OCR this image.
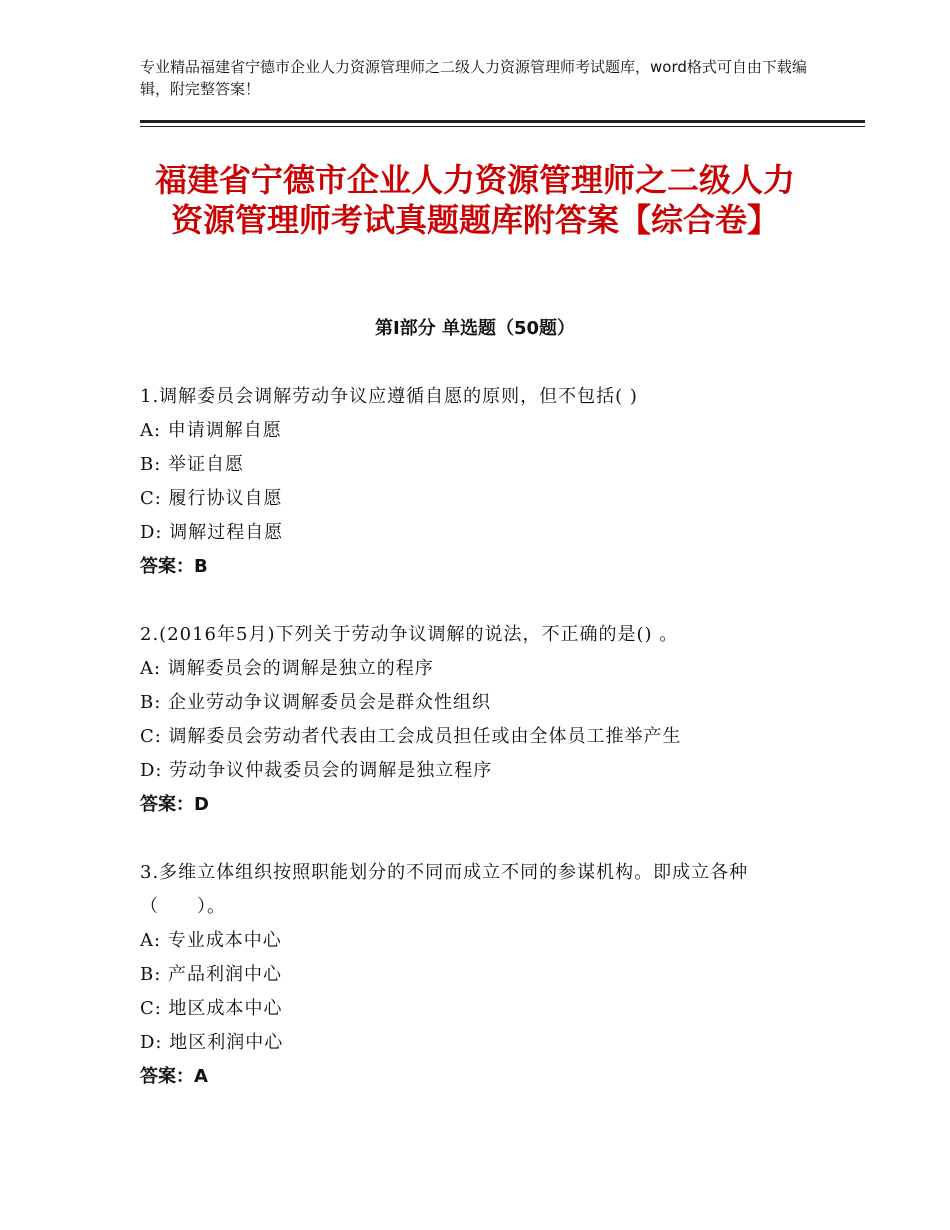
专业精品福建省宁德市企业人力资源管理师之二级人力资源管理师考试题库，word格式可自由下载编辑，附完整答案！
福建省宁德市企业人力资源管理师之二级人力资源管理师考试真题题库附答案【综合卷】
第Ⅰ部分 单选题（50题）
1.调解委员会调解劳动争议应遵循自愿的原则，但不包括( )
A: 申请调解自愿
B: 举证自愿
C: 履行协议自愿
D: 调解过程自愿
答案：B
2.(2016年5月)下列关于劳动争议调解的说法，不正确的是() 。
A: 调解委员会的调解是独立的程序
B: 企业劳动争议调解委员会是群众性组织
C: 调解委员会劳动者代表由工会成员担任或由全体员工推举产生
D: 劳动争议仲裁委员会的调解是独立程序
答案：D
3.多维立体组织按照职能划分的不同而成立不同的参谋机构。即成立各种（　　）。
A: 专业成本中心
B: 产品利润中心
C: 地区成本中心
D: 地区利润中心
答案：A
